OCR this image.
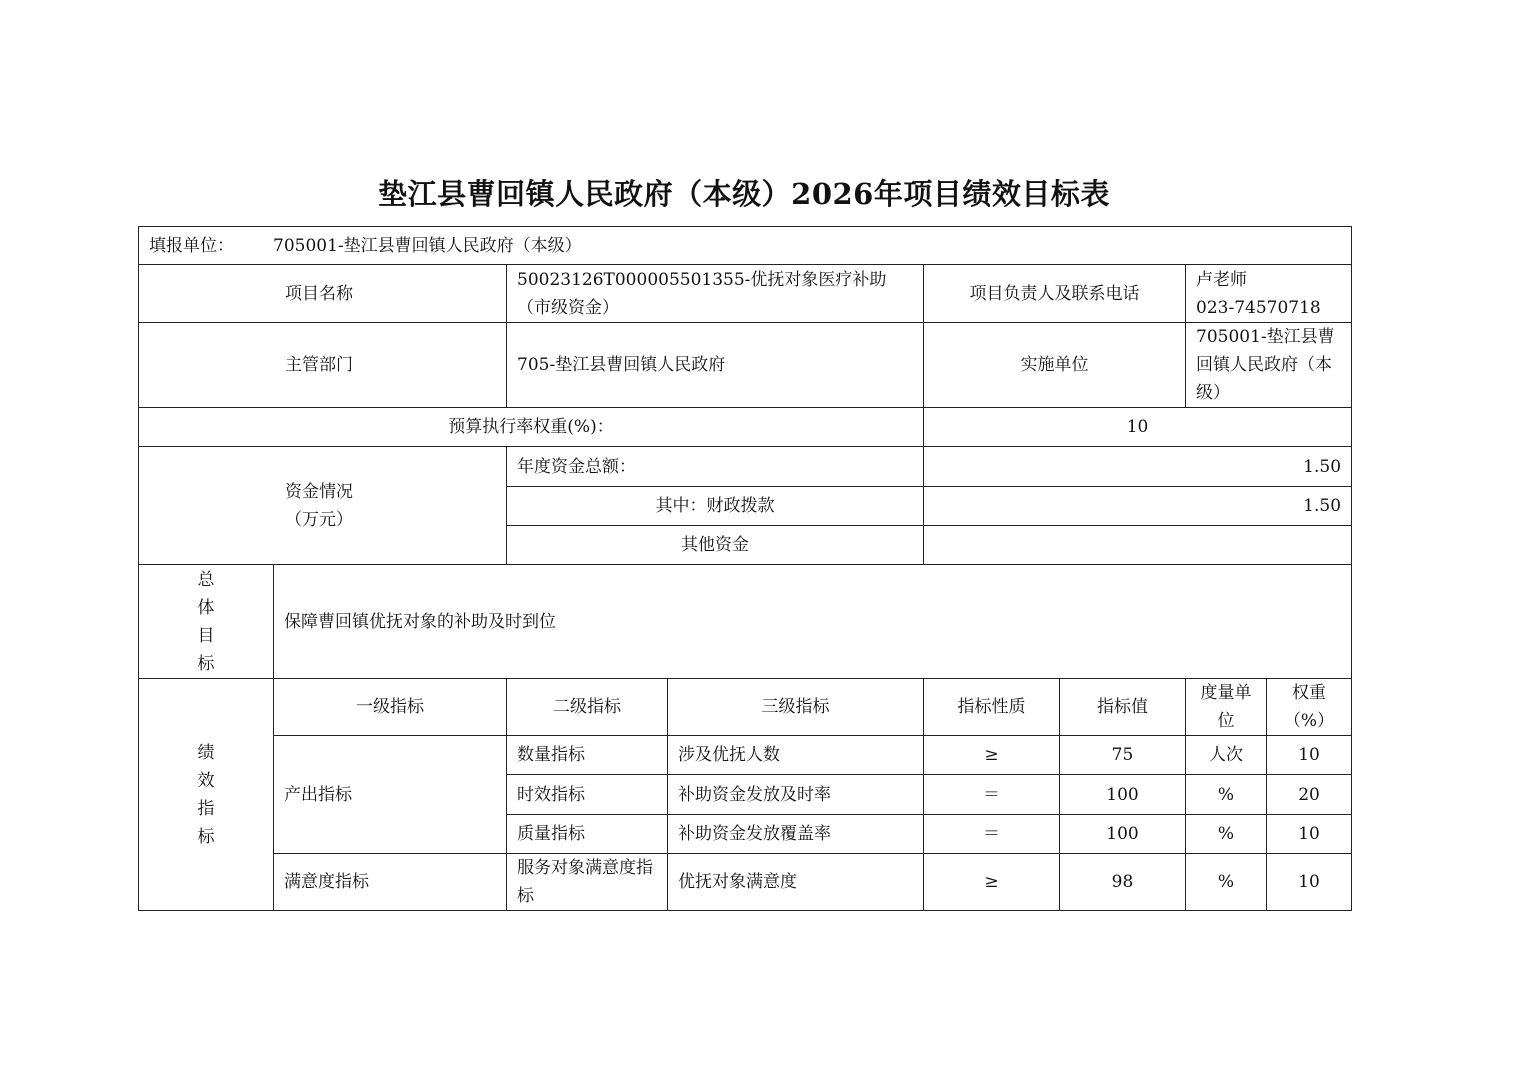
垫江县曹回镇人民政府（本级）2026年项目绩效目标表
填报单位： 705001-垫江县曹回镇人民政府（本级）							
项目名称		50023126T000005501355-优抚对象医疗补助（市级资金）		项目负责人及联系电话		卢老师
023-74570718	

主管部门		705-垫江县曹回镇人民政府		实施单位		705001-垫江县曹回镇人民政府（本级）	
预算执行率权重(%)：				10			

资金情况
（万元）		年度资金总额：		1.50			
		其中：财政拨款		1.50			
		其他资金					

总
体
目
标	保障曹回镇优抚对象的补助及时到位						

绩
效
指
标	一级指标	二级指标	三级指标	指标性质	指标值	度量单位	权重（%）
	产出指标	数量指标	涉及优抚人数	≥	75	人次	10
		时效指标	补助资金发放及时率	＝	100	%	20
		质量指标	补助资金发放覆盖率	＝	100	%	10
	满意度指标	服务对象满意度指标	优抚对象满意度	≥	98	%	10
